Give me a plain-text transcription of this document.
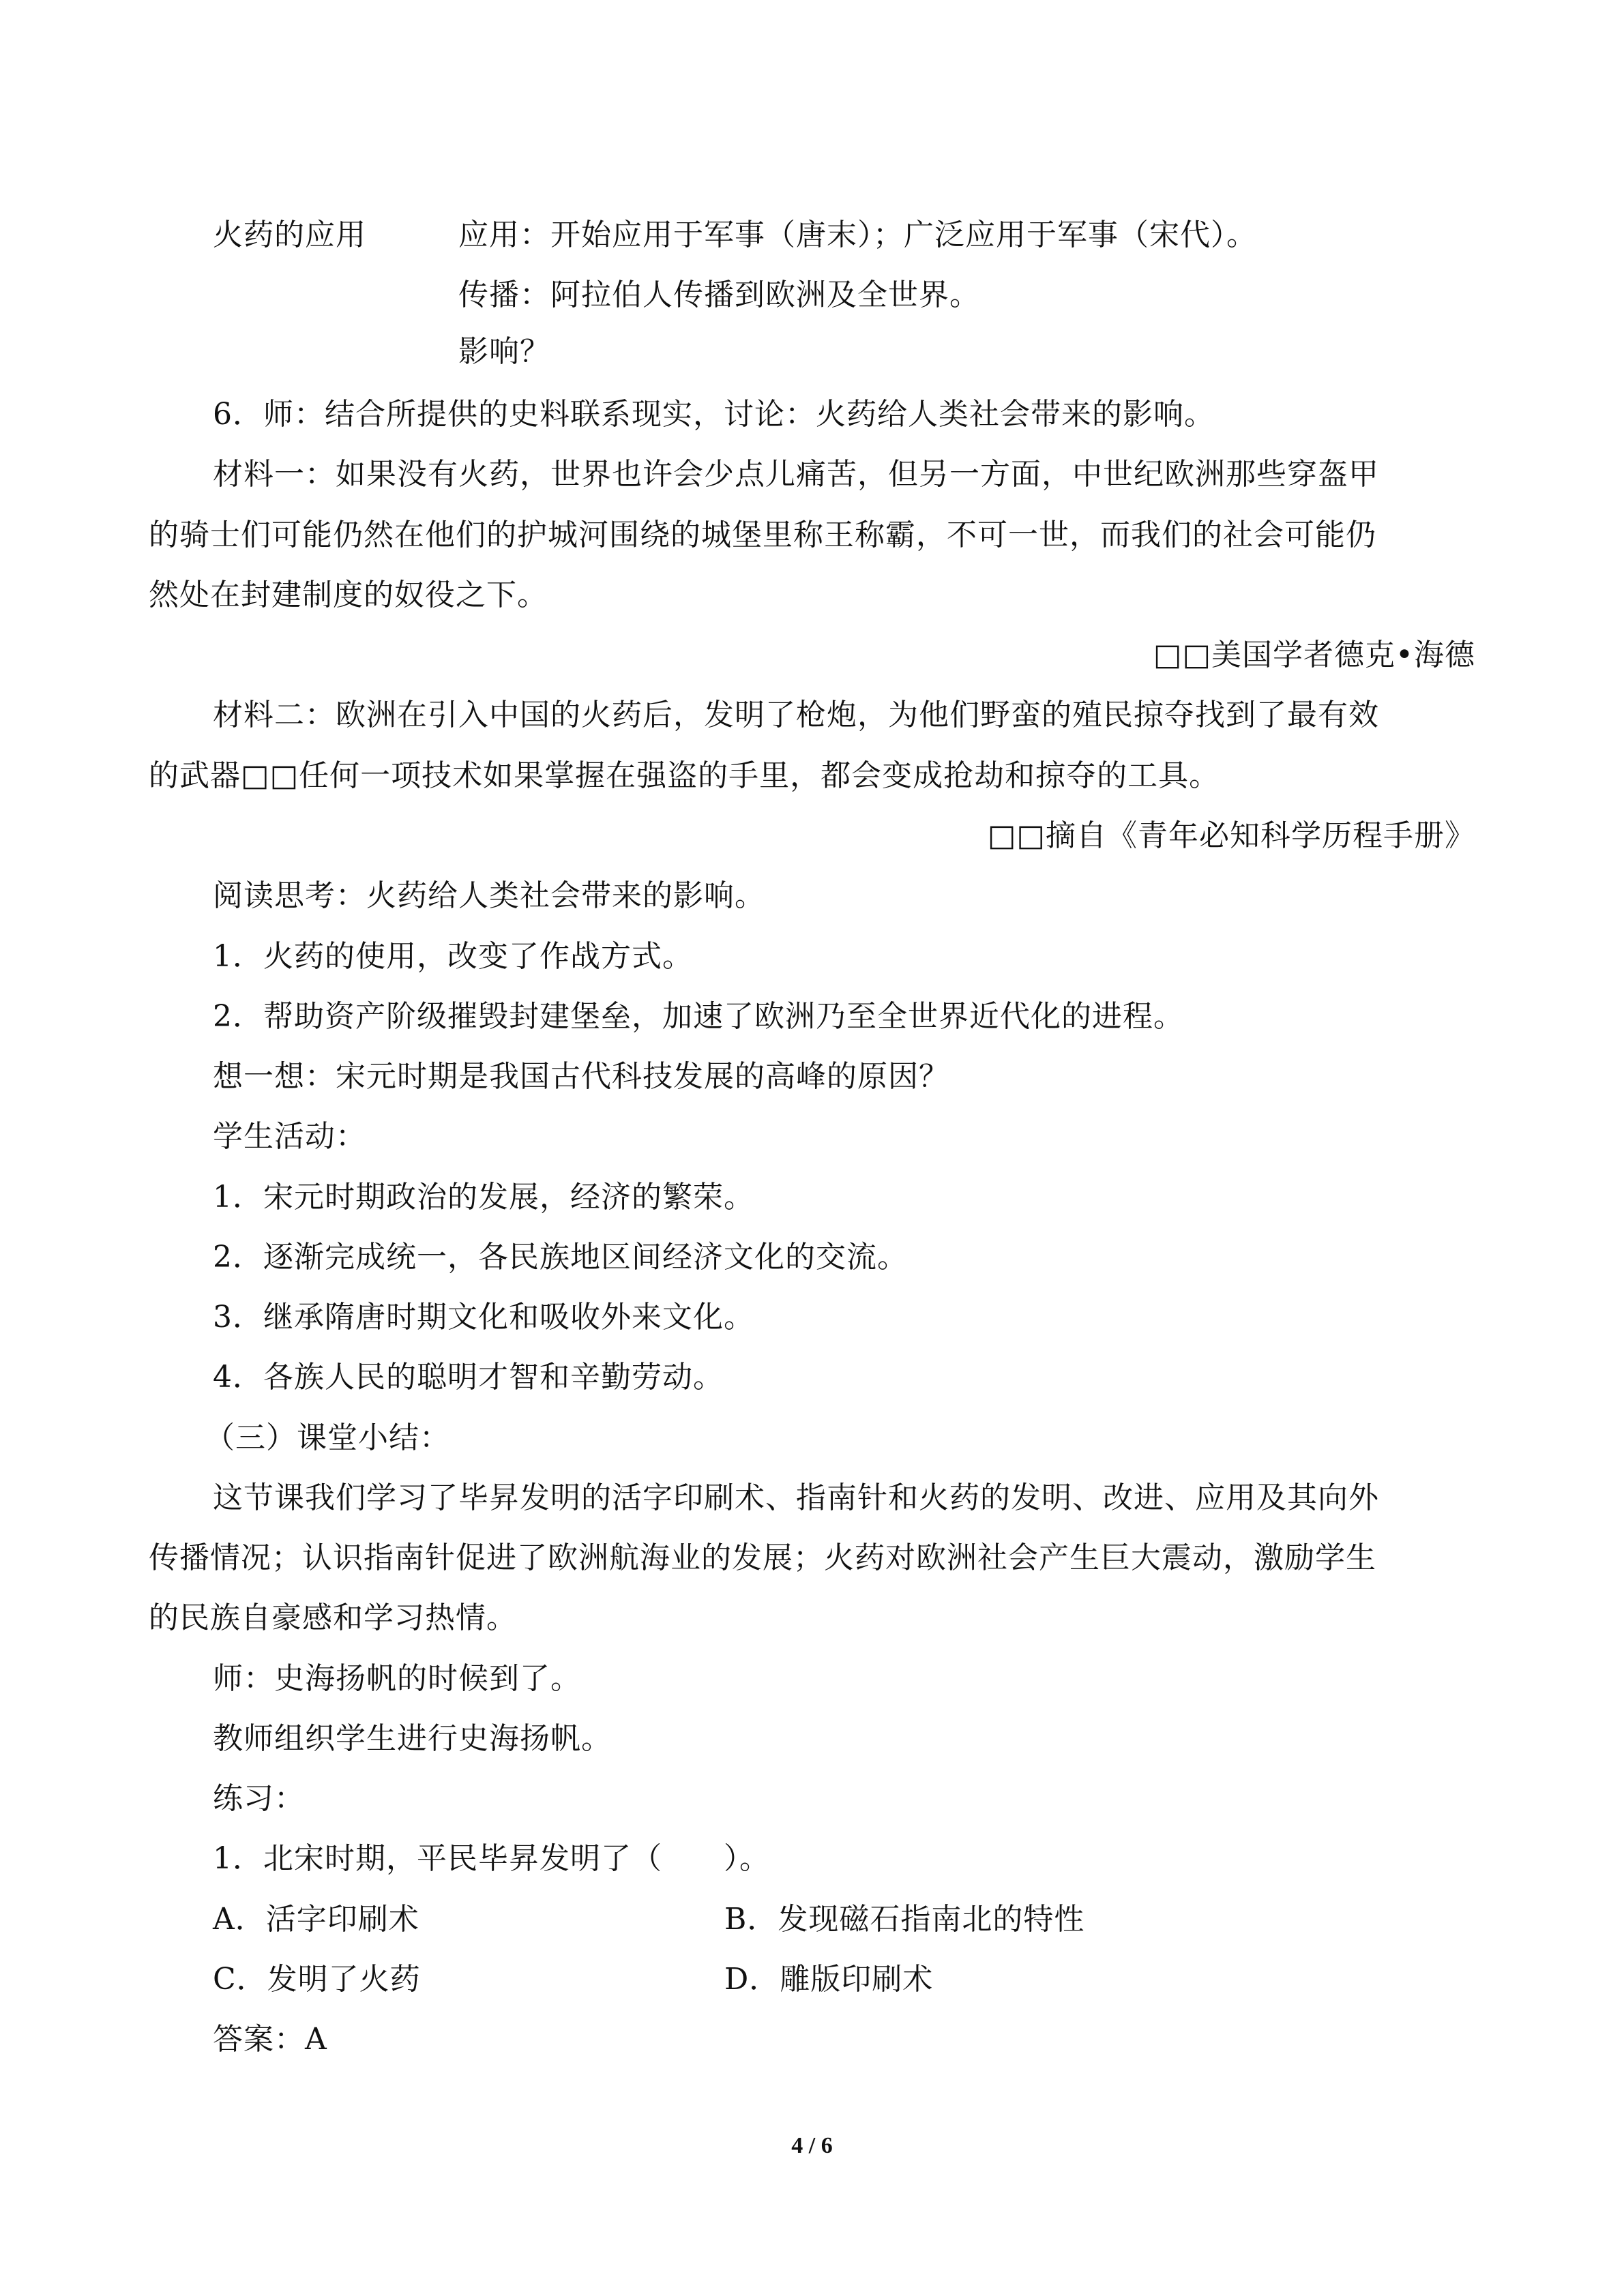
火药的应用	应用：开始应用于军事（唐末）；广泛应用于军事（宋代）。
传播：阿拉伯人传播到欧洲及全世界。
影响？
6．师：结合所提供的史料联系现实，讨论：火药给人类社会带来的影响。
材料一：如果没有火药，世界也许会少点儿痛苦，但另一方面，中世纪欧洲那些穿盔甲
的骑士们可能仍然在他们的护城河围绕的城堡里称王称霸，不可一世，而我们的社会可能仍
然处在封建制度的奴役之下。
□□美国学者德克•海德
材料二：欧洲在引入中国的火药后，发明了枪炮，为他们野蛮的殖民掠夺找到了最有效
的武器□□任何一项技术如果掌握在强盗的手里，都会变成抢劫和掠夺的工具。
□□摘自《青年必知科学历程手册》
阅读思考：火药给人类社会带来的影响。
1．火药的使用，改变了作战方式。
2．帮助资产阶级摧毁封建堡垒，加速了欧洲乃至全世界近代化的进程。
想一想：宋元时期是我国古代科技发展的高峰的原因？
学生活动：
1．宋元时期政治的发展，经济的繁荣。
2．逐渐完成统一，各民族地区间经济文化的交流。
3．继承隋唐时期文化和吸收外来文化。
4．各族人民的聪明才智和辛勤劳动。
（三）课堂小结：
这节课我们学习了毕昇发明的活字印刷术、指南针和火药的发明、改进、应用及其向外
传播情况；认识指南针促进了欧洲航海业的发展；火药对欧洲社会产生巨大震动，激励学生
的民族自豪感和学习热情。
师：史海扬帆的时候到了。
教师组织学生进行史海扬帆。
练习：
1．北宋时期，平民毕昇发明了（　　）。
A．活字印刷术	B．发现磁石指南北的特性
C．发明了火药	D．雕版印刷术
答案：A
4 / 6
